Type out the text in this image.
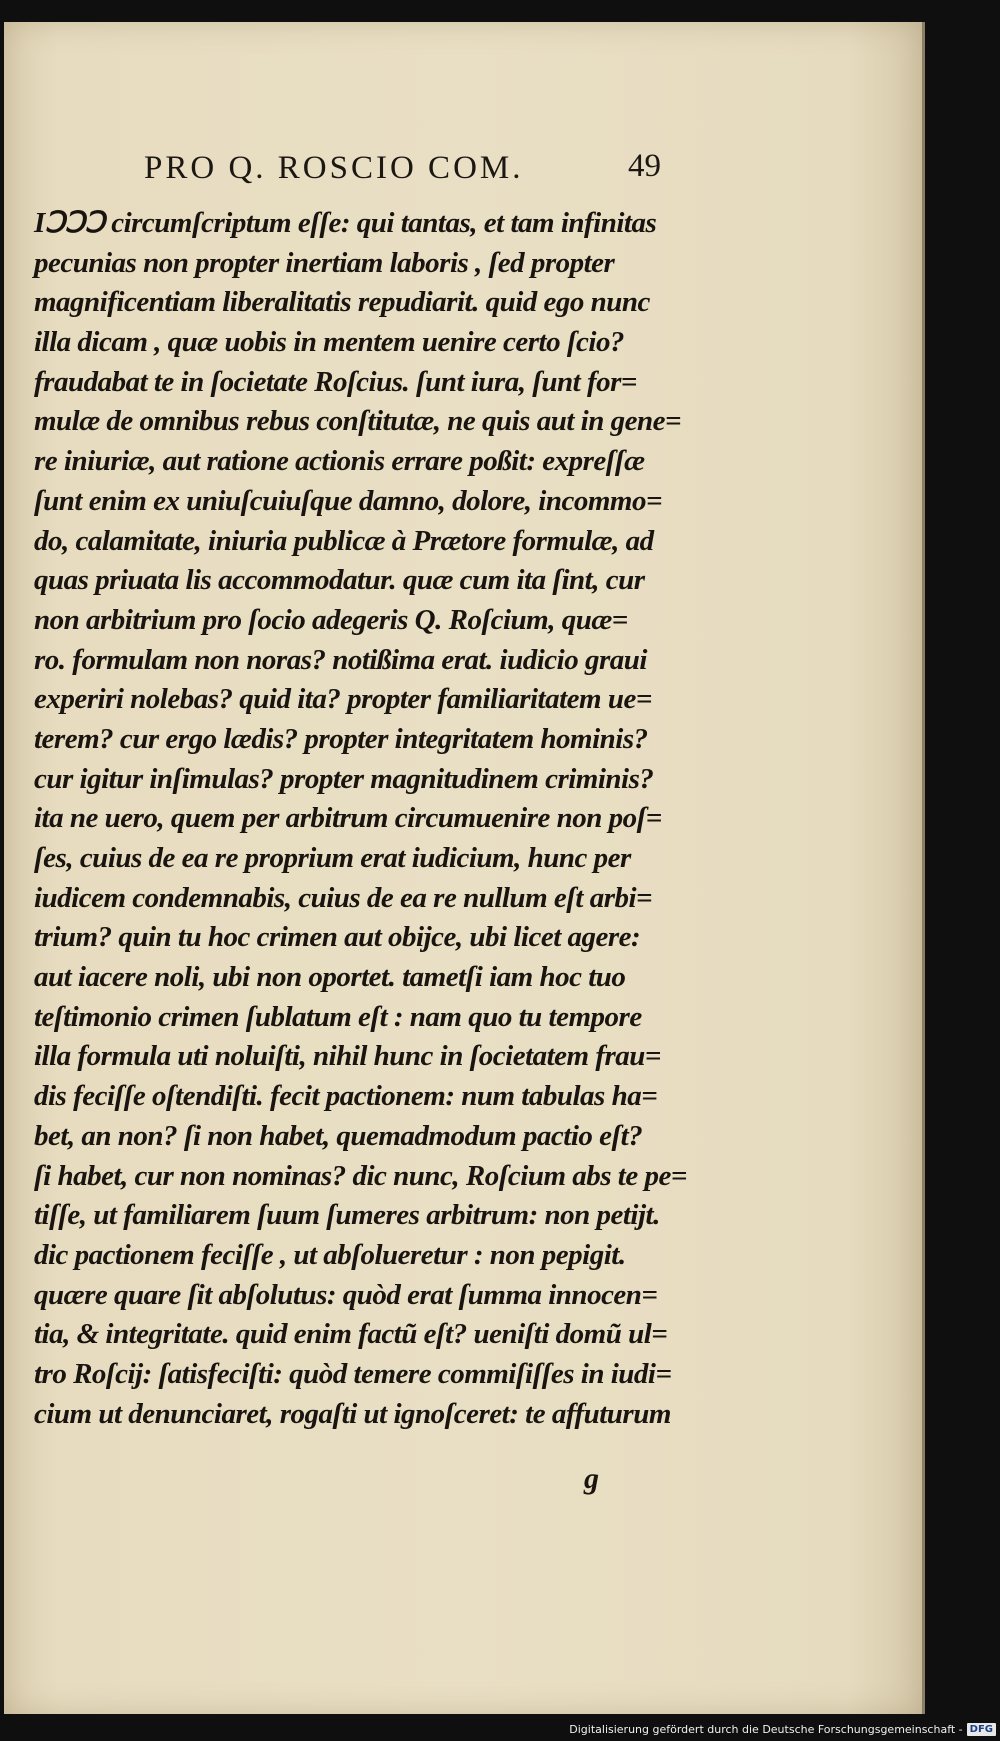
PRO Q. ROSCIO COM.	49
IↃↃↃ circumſcriptum eſſe: qui tantas, et tam infinitas
pecunias non propter inertiam laboris , ſed propter
magnificentiam liberalitatis repudiarit. quid ego nunc
illa dicam , quæ uobis in mentem uenire certo ſcio?
fraudabat te in ſocietate Roſcius. ſunt iura, ſunt for=
mulæ de omnibus rebus conſtitutæ, ne quis aut in gene=
re iniuriæ, aut ratione actionis errare poßit: expreſſæ
ſunt enim ex uniuſcuiuſque damno, dolore, incommo=
do, calamitate, iniuria publicæ à Prætore formulæ, ad
quas priuata lis accommodatur. quæ cum ita ſint, cur
non arbitrium pro ſocio adegeris Q. Roſcium, quæ=
ro. formulam non noras? notißima erat. iudicio graui
experiri nolebas? quid ita? propter familiaritatem ue=
terem? cur ergo lædis? propter integritatem hominis?
cur igitur inſimulas? propter magnitudinem criminis?
ita ne uero, quem per arbitrum circumuenire non poſ=
ſes, cuius de ea re proprium erat iudicium, hunc per
iudicem condemnabis, cuius de ea re nullum eſt arbi=
trium? quin tu hoc crimen aut obijce, ubi licet agere:
aut iacere noli, ubi non oportet. tametſi iam hoc tuo
teſtimonio crimen ſublatum eſt : nam quo tu tempore
illa formula uti noluiſti, nihil hunc in ſocietatem frau=
dis feciſſe oſtendiſti. fecit pactionem: num tabulas ha=
bet, an non? ſi non habet, quemadmodum pactio eſt?
ſi habet, cur non nominas? dic nunc, Roſcium abs te pe=
tiſſe, ut familiarem ſuum ſumeres arbitrum: non petijt.
dic pactionem feciſſe , ut abſolueretur : non pepigit.
quære quare ſit abſolutus: quòd erat ſumma innocen=
tia, & integritate. quid enim factũ eſt? ueniſti domũ ul=
tro Roſcij: ſatisfeciſti: quòd temere commiſiſſes in iudi=
cium ut denunciaret, rogaſti ut ignoſceret: te affuturum
g
Digitalisierung gefördert durch die Deutsche Forschungsgemeinschaft - DFG
